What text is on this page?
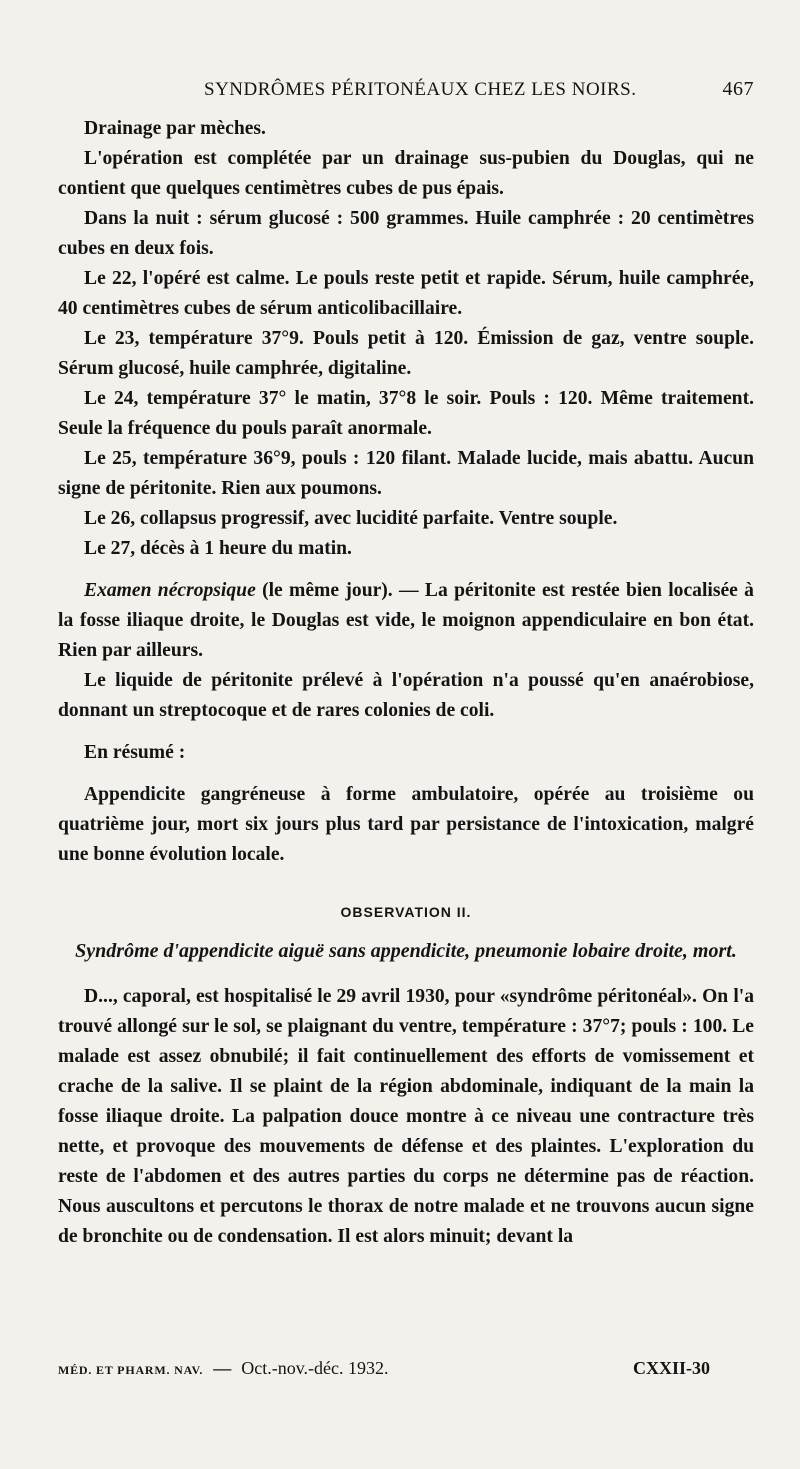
SYNDRÔMES PÉRITONÉAUX CHEZ LES NOIRS.	467

Drainage par mèches.

L'opération est complétée par un drainage sus-pubien du Douglas, qui ne contient que quelques centimètres cubes de pus épais.

Dans la nuit : sérum glucosé : 500 grammes. Huile camphrée : 20 centimètres cubes en deux fois.

Le 22, l'opéré est calme. Le pouls reste petit et rapide. Sérum, huile camphrée, 40 centimètres cubes de sérum anticolibacillaire.

Le 23, température 37°9. Pouls petit à 120. Émission de gaz, ventre souple. Sérum glucosé, huile camphrée, digitaline.

Le 24, température 37° le matin, 37°8 le soir. Pouls : 120. Même traitement. Seule la fréquence du pouls paraît anormale.

Le 25, température 36°9, pouls : 120 filant. Malade lucide, mais abattu. Aucun signe de péritonite. Rien aux poumons.

Le 26, collapsus progressif, avec lucidité parfaite. Ventre souple.

Le 27, décès à 1 heure du matin.

Examen nécropsique (le même jour). — La péritonite est restée bien localisée à la fosse iliaque droite, le Douglas est vide, le moignon appendiculaire en bon état. Rien par ailleurs.

Le liquide de péritonite prélevé à l'opération n'a poussé qu'en anaérobiose, donnant un streptocoque et de rares colonies de coli.

En résumé :

Appendicite gangréneuse à forme ambulatoire, opérée au troisième ou quatrième jour, mort six jours plus tard par persistance de l'intoxication, malgré une bonne évolution locale.

OBSERVATION II.
Syndrôme d'appendicite aiguë sans appendicite, pneumonie lobaire droite, mort.

D..., caporal, est hospitalisé le 29 avril 1930, pour «syndrôme péritonéal». On l'a trouvé allongé sur le sol, se plaignant du ventre, température : 37°7; pouls : 100. Le malade est assez obnubilé; il fait continuellement des efforts de vomissement et crache de la salive. Il se plaint de la région abdominale, indiquant de la main la fosse iliaque droite. La palpation douce montre à ce niveau une contracture très nette, et provoque des mouvements de défense et des plaintes. L'exploration du reste de l'abdomen et des autres parties du corps ne détermine pas de réaction. Nous auscultons et percutons le thorax de notre malade et ne trouvons aucun signe de bronchite ou de condensation. Il est alors minuit; devant la

MÉD. ET PHARM. NAV. — Oct.-nov.-déc. 1932.	CXXII-30
